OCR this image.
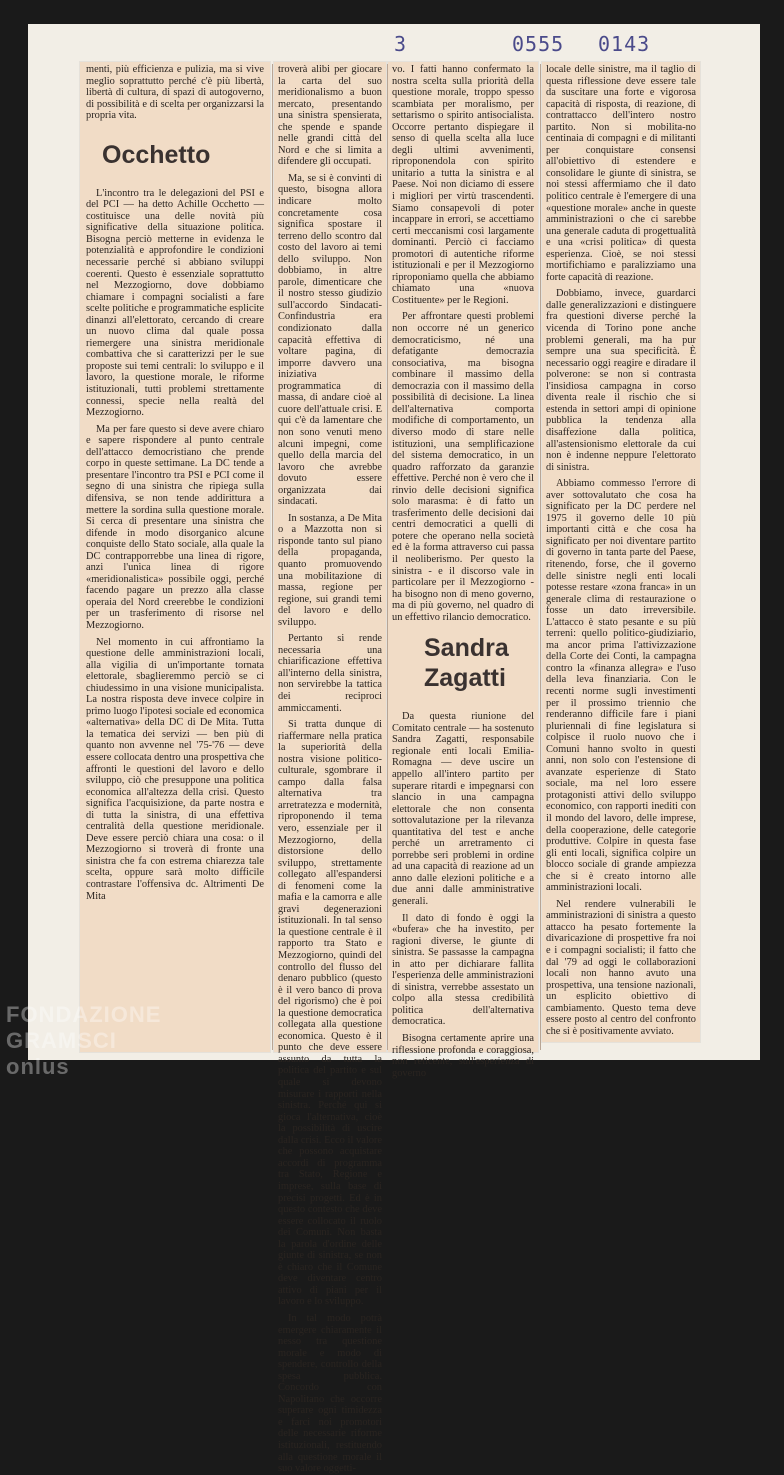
3	0555 0143

menti, più efficienza e pulizia, ma si vive meglio soprattutto perché c'è più libertà, libertà di cultura, di spazi di autogoverno, di possibilità e di scelta per organizzarsi la propria vita.

Occhetto

L'incontro tra le delegazioni del PSI e del PCI — ha detto Achille Occhetto — costituisce una delle novità più significative della situazione politica. Bisogna perciò metterne in evidenza le potenzialità e approfondire le condizioni necessarie perché si abbiano sviluppi coerenti. Questo è essenziale soprattutto nel Mezzogiorno, dove dobbiamo chiamare i compagni socialisti a fare scelte politiche e programmatiche esplicite dinanzi all'elettorato, cercando di creare un nuovo clima dal quale possa riemergere una sinistra meridionale combattiva che si caratterizzi per le sue proposte sui temi centrali: lo sviluppo e il lavoro, la questione morale, le riforme istituzionali, tutti problemi strettamente connessi, specie nella realtà del Mezzogiorno.

Ma per fare questo si deve avere chiaro e sapere rispondere al punto centrale dell'attacco democristiano che prende corpo in queste settimane. La DC tende a presentare l'incontro tra PSI e PCI come il segno di una sinistra che ripiega sulla difensiva, se non tende addirittura a mettere la sordina sulla questione morale. Si cerca di presentare una sinistra che difende in modo disorganico alcune conquiste dello Stato sociale, alla quale la DC contrapporrebbe una linea di rigore, anzi l'unica linea di rigore «meridionalistica» possibile oggi, perché facendo pagare un prezzo alla classe operaia del Nord creerebbe le condizioni per un trasferimento di risorse nel Mezzogiorno.

Nel momento in cui affrontiamo la questione delle amministrazioni locali, alla vigilia di un'importante tornata elettorale, sbaglieremmo perciò se ci chiudessimo in una visione municipalista. La nostra risposta deve invece colpire in primo luogo l'ipotesi sociale ed economica «alternativa» della DC di De Mita. Tutta la tematica dei servizi — ben più di quanto non avvenne nel '75-'76 — deve essere collocata dentro una prospettiva che affronti le questioni del lavoro e dello sviluppo, ciò che presuppone una politica economica all'altezza della crisi. Questo significa l'acquisizione, da parte nostra e di tutta la sinistra, di una effettiva centralità della questione meridionale. Deve essere perciò chiara una cosa: o il Mezzogiorno si troverà di fronte una sinistra che fa con estrema chiarezza tale scelta, oppure sarà molto difficile contrastare l'offensiva dc. Altrimenti De Mita

troverà alibi per giocare la carta del suo meridionalismo a buon mercato, presentando una sinistra spensierata, che spende e spande nelle grandi città del Nord e che si limita a difendere gli occupati.

Ma, se si è convinti di questo, bisogna allora indicare molto concretamente cosa significa spostare il terreno dello scontro dal costo del lavoro ai temi dello sviluppo. Non dobbiamo, in altre parole, dimenticare che il nostro stesso giudizio sull'accordo Sindacati-Confindustria era condizionato dalla capacità effettiva di voltare pagina, di imporre davvero una iniziativa programmatica di massa, di andare cioè al cuore dell'attuale crisi. E qui c'è da lamentare che non sono venuti meno alcuni impegni, come quello della marcia del lavoro che avrebbe dovuto essere organizzata dai sindacati.

In sostanza, a De Mita o a Mazzotta non si risponde tanto sul piano della propaganda, quanto promuovendo una mobilitazione di massa, regione per regione, sui grandi temi del lavoro e dello sviluppo.

Pertanto si rende necessaria una chiarificazione effettiva all'interno della sinistra, non servirebbe la tattica dei reciproci ammiccamenti.

Si tratta dunque di riaffermare nella pratica la superiorità della nostra visione politico-culturale, sgombrare il campo dalla falsa alternativa tra arretratezza e modernità, riproponendo il tema vero, essenziale per il Mezzogiorno, della distorsione dello sviluppo, strettamente collegato all'espandersi di fenomeni come la mafia e la camorra e alle gravi degenerazioni istituzionali. In tal senso la questione centrale è il rapporto tra Stato e Mezzogiorno, quindi del controllo del flusso del denaro pubblico (questo è il vero banco di prova del rigorismo) che è poi la questione democratica collegata alla questione economica. Questo è il punto che deve essere assunto da tutta la politica del partito e sul quale si devono misurare i rapporti nella sinistra. Perché qui si gioca l'alternativa, cioè la possibilità di uscire dalla crisi. Ecco il valore che possono acquistare accordi di programma tra Stato, Regione e imprese, sulla base di precisi progetti. Ed è in questo contesto che deve essere collocato il ruolo dei Comuni. Non basta la parola d'ordine delle giunte di sinistra, se non è chiaro che il Comune deve diventare centro attivo di piani per il lavoro e lo sviluppo.

In tal modo potrà emergere chiaramente il nesso tra questione morale e modo di spendere, controllo della spesa pubblica. Concordo con Napolitano che occorre superare ogni timidezza e farci noi promotori delle necessarie riforme istituzionali, restituendo alla questione morale il suo valore oggetti-

vo. I fatti hanno confermato la nostra scelta sulla priorità della questione morale, troppo spesso scambiata per moralismo, per settarismo o spirito antisocialista. Occorre pertanto dispiegare il senso di quella scelta alla luce degli ultimi avvenimenti, riproponendola con spirito unitario a tutta la sinistra e al Paese. Noi non diciamo di essere i migliori per virtù trascendenti. Siamo consapevoli di poter incappare in errori, se accettiamo certi meccanismi così largamente dominanti. Perciò ci facciamo promotori di autentiche riforme istituzionali e per il Mezzogiorno riproponiamo quella che abbiamo chiamato una «nuova Costituente» per le Regioni.

Per affrontare questi problemi non occorre né un generico democraticismo, né una defatigante democrazia consociativa, ma bisogna combinare il massimo della democrazia con il massimo della possibilità di decisione. La linea dell'alternativa comporta modifiche di comportamento, un diverso modo di stare nelle istituzioni, una semplificazione del sistema democratico, in un quadro rafforzato da garanzie effettive. Perché non è vero che il rinvio delle decisioni significa solo marasma: è di fatto un trasferimento delle decisioni dai centri democratici a quelli di potere che operano nella società ed è la forma attraverso cui passa il neoliberismo. Per questo la sinistra - e il discorso vale in particolare per il Mezzogiorno - ha bisogno non di meno governo, ma di più governo, nel quadro di un effettivo rilancio democratico.

Sandra Zagatti

Da questa riunione del Comitato centrale — ha sostenuto Sandra Zagatti, responsabile regionale enti locali Emilia-Romagna — deve uscire un appello all'intero partito per superare ritardi e impegnarsi con slancio in una campagna elettorale che non consenta sottovalutazione per la rilevanza quantitativa del test e anche perché un arretramento ci porrebbe seri problemi in ordine ad una capacità di reazione ad un anno dalle elezioni politiche e a due anni dalle amministrative generali.

Il dato di fondo è oggi la «bufera» che ha investito, per ragioni diverse, le giunte di sinistra. Se passasse la campagna in atto per dichiarare fallita l'esperienza delle amministrazioni di sinistra, verrebbe assestato un colpo alla stessa credibilità politica dell'alternativa democratica.

Bisogna certamente aprire una riflessione profonda e coraggiosa, non reticente, sull'esperienza di governo

locale delle sinistre, ma il taglio di questa riflessione deve essere tale da suscitare una forte e vigorosa capacità di risposta, di reazione, di contrattacco dell'intero nostro partito. Non si mobilita-no centinaia di compagni e di militanti per conquistare consensi all'obiettivo di estendere e consolidare le giunte di sinistra, se noi stessi affermiamo che il dato politico centrale è l'emergere di una «questione morale» anche in queste amministrazioni o che ci sarebbe una generale caduta di progettualità e una «crisi politica» di questa esperienza. Cioè, se noi stessi mortifichiamo e paralizziamo una forte capacità di reazione.

Dobbiamo, invece, guardarci dalle generalizzazioni e distinguere fra questioni diverse perché la vicenda di Torino pone anche problemi generali, ma ha pur sempre una sua specificità. È necessario oggi reagire e diradare il polverone: se non si contrasta l'insidiosa campagna in corso diventa reale il rischio che si estenda in settori ampi di opinione pubblica la tendenza alla disaffezione dalla politica, all'astensionismo elettorale da cui non è indenne neppure l'elettorato di sinistra.

Abbiamo commesso l'errore di aver sottovalutato che cosa ha significato per la DC perdere nel 1975 il governo delle 10 più importanti città e che cosa ha significato per noi diventare partito di governo in tanta parte del Paese, ritenendo, forse, che il governo delle sinistre negli enti locali potesse restare «zona franca» in un generale clima di restaurazione o fosse un dato irreversibile. L'attacco è stato pesante e su più terreni: quello politico-giudiziario, ma ancor prima l'attivizzazione della Corte dei Conti, la campagna contro la «finanza allegra» e l'uso della leva finanziaria. Con le recenti norme sugli investimenti per il prossimo triennio che renderanno difficile fare i piani pluriennali di fine legislatura si colpisce il ruolo nuovo che i Comuni hanno svolto in questi anni, non solo con l'estensione di avanzate esperienze di Stato sociale, ma nel loro essere protagonisti attivi dello sviluppo economico, con rapporti inediti con il mondo del lavoro, delle imprese, della cooperazione, delle categorie produttive. Colpire in questa fase gli enti locali, significa colpire un blocco sociale di grande ampiezza che si è creato intorno alle amministrazioni locali.

Nel rendere vulnerabili le amministrazioni di sinistra a questo attacco ha pesato fortemente la divaricazione di prospettive fra noi e i compagni socialisti; il fatto che dal '79 ad oggi le collaborazioni locali non hanno avuto una prospettiva, una tensione nazionali, un esplicito obiettivo di cambiamento. Questo tema deve essere posto al centro del confronto che si è positivamente avviato.

FONDAZIONE GRAMSCI onlus
